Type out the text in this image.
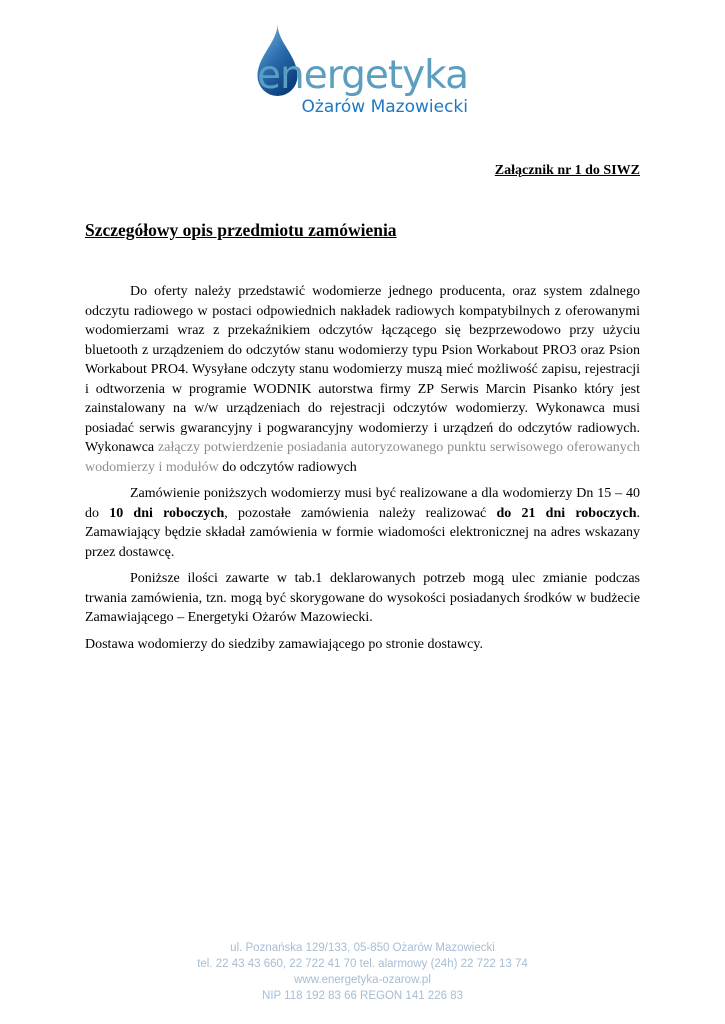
energetyka
Ożarów Mazowiecki
Załącznik nr 1 do SIWZ
Szczegółowy opis przedmiotu zamówienia

Do oferty należy przedstawić wodomierze jednego producenta, oraz system zdalnego odczytu radiowego w postaci odpowiednich nakładek radiowych kompatybilnych z oferowanymi wodomierzami wraz z przekaźnikiem odczytów łączącego się bezprzewodowo przy użyciu bluetooth z urządzeniem do odczytów stanu wodomierzy typu Psion Workabout PRO3 oraz Psion Workabout PRO4. Wysyłane odczyty stanu wodomierzy muszą mieć możliwość zapisu, rejestracji i odtworzenia w programie WODNIK autorstwa firmy ZP Serwis Marcin Pisanko który jest zainstalowany na w/w urządzeniach do rejestracji odczytów wodomierzy. Wykonawca musi posiadać serwis gwarancyjny i pogwarancyjny wodomierzy i urządzeń do odczytów radiowych. Wykonawca załączy potwierdzenie posiadania autoryzowanego punktu serwisowego oferowanych wodomierzy i modułów do odczytów radiowych

Zamówienie poniższych wodomierzy musi być realizowane a dla wodomierzy Dn 15 – 40 do 10 dni roboczych, pozostałe zamówienia należy realizować do 21 dni roboczych. Zamawiający będzie składał zamówienia w formie wiadomości elektronicznej na adres wskazany przez dostawcę.

Poniższe ilości zawarte w tab.1 deklarowanych potrzeb mogą ulec zmianie podczas trwania zamówienia, tzn. mogą być skorygowane do wysokości posiadanych środków w budżecie Zamawiającego – Energetyki Ożarów Mazowiecki.

Dostawa wodomierzy do siedziby zamawiającego po stronie dostawcy.

ul. Poznańska 129/133, 05-850 Ożarów Mazowiecki
tel. 22 43 43 660, 22 722 41 70 tel. alarmowy (24h) 22 722 13 74
www.energetyka-ozarow.pl
NIP 118 192 83 66 REGON 141 226 83
